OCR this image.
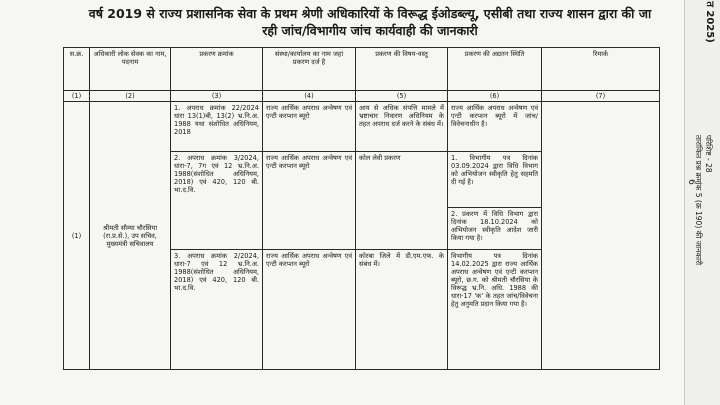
वर्ष 2019 से राज्य प्रशासनिक सेवा के प्रथम श्रेणी अधिकारियों के विरूद्ध ईओडब्ल्यू, एसीबी तथा राज्य शासन द्वारा की जा रही जांच/विभागीय जांच कार्यवाही की जानकारी
स.क्र.	अधिकारी लोक सेवक का नाम, पदनाम	प्रकरण क्रमांक	संस्था/कार्यालय का नाम जहां प्रकरण दर्ज है	प्रकरण की विषय-वस्तु	प्रकरण की अद्यतन स्थिति	रिमार्क
(1)	(2)	(3)	(4)	(5)	(6)	(7)
(1)	श्रीमती सौम्या चौरसिया (रा.प्र.से.), उप सचिव, मुख्यमंत्री सचिवालय	1. अपराध क्रमांक 22/2024 धारा 13(1)बी, 13(2) भ्र.नि.अ. 1988 यथा संशोधित अधिनियम, 2018	राज्य आर्थिक अपराध अन्वेषण एवं एन्टी करप्शन ब्यूरो	आय से अधिक संपत्ति मामले में भ्रष्टाचार निवारण अधिनियम के तहत अपराध दर्ज करने के संबंध में।	राज्य आर्थिक अपराध अन्वेषण एवं एन्टी करप्शन ब्यूरो में जांच/विवेचनाधीन है।	
		2. अपराध क्रमांक 3/2024, धारा-7, 7ग एवं 12 भ्र.नि.अ. 1988(संशोधित अधिनियम, 2018) एवं 420, 120 बी. भा.द.वि.	राज्य आर्थिक अपराध अन्वेषण एवं एन्टी करप्शन ब्यूरो	कोल लेवी प्रकरण	1. विभागीय पत्र दिनांक 03.09.2024 द्वारा विधि विभाग को अभियोजन स्वीकृति हेतु सहमति दी गई है।	
					2. प्रकरण में विधि विभाग द्वारा दिनांक 18.10.2024 को अभियोजन स्वीकृति आदेश जारी किया गया है।	
		3. अपराध क्रमांक 2/2024, धारा-7 एवं 12 भ्र.नि.अ. 1988(संशोधित अधिनियम, 2018) एवं 420, 120 बी. भा.द.वि.	राज्य आर्थिक अपराध अन्वेषण एवं एन्टी करप्शन ब्यूरो	कोरबा जिले में डी.एम.एफ. के संबंध में।	विभागीय पत्र दिनांक 14.02.2025 द्वारा राज्य आर्थिक अपराध अन्वेषण एवं एन्टी करप्शन ब्यूरो, छ.ग. को श्रीमती चौरसिया के विरूद्ध भ्र.नि. अधि. 1988 की धारा-17 'क' के तहत जांच/विवेचना हेतु अनुमति प्रदान किया गया है।	
त 2025)
6
परिशिष्ट - 28
तारांकित प्रश्न क्रमांक 5 (क्र 190) की जानकारी
